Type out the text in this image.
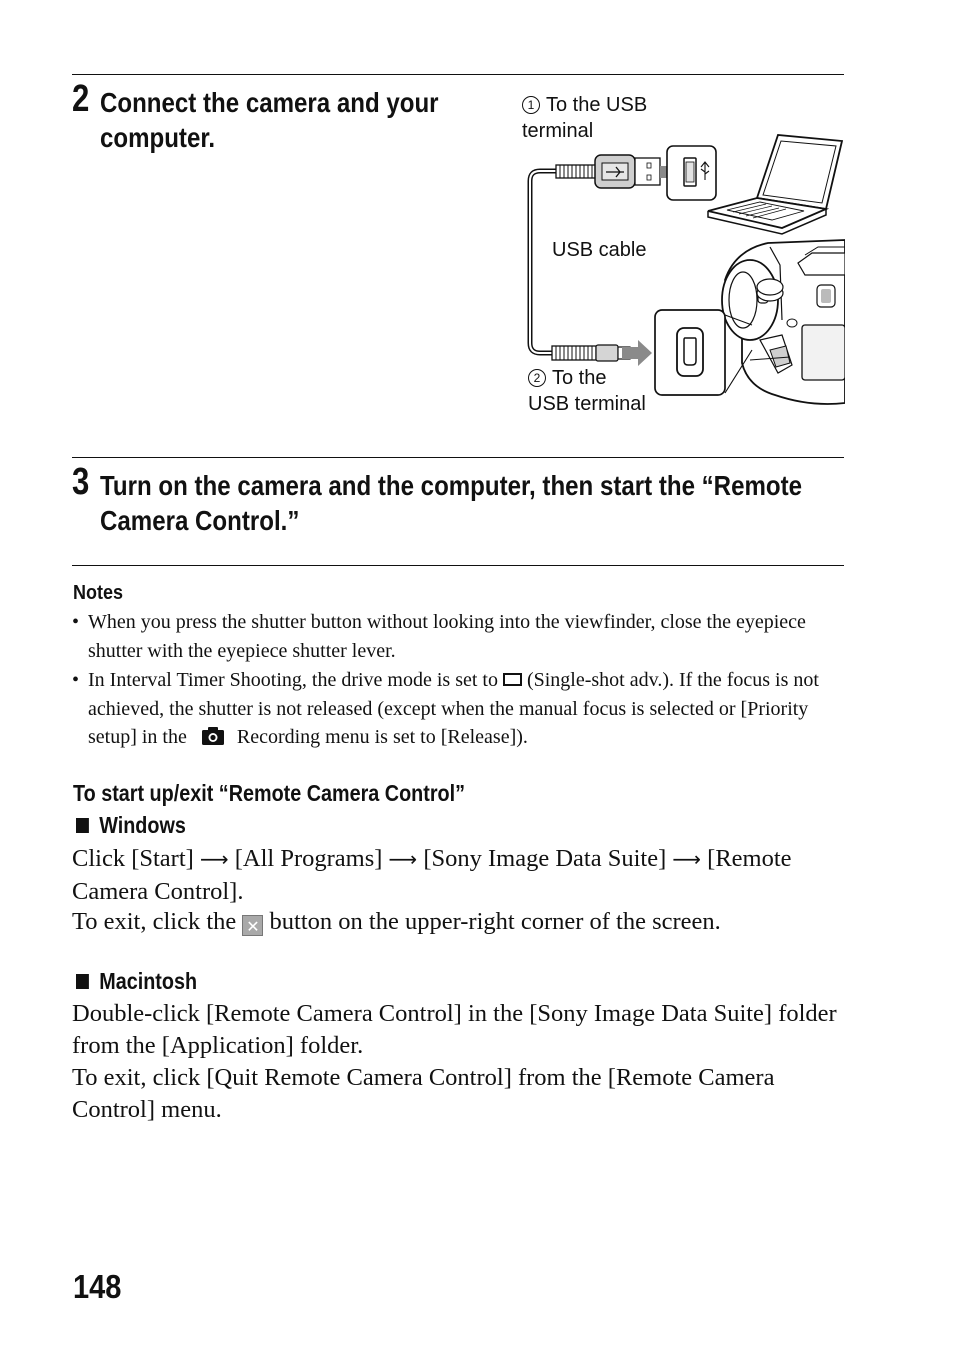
2 Connect the camera and your
computer.
1 To the USB
terminal
USB cable
2 To the
USB terminal
3 Turn on the camera and the computer, then start the “Remote
Camera Control.”
Notes
• When you press the shutter button without looking into the viewfinder, close the eyepiece shutter with the eyepiece shutter lever.
• In Interval Timer Shooting, the drive mode is set to (Single-shot adv.). If the focus is not achieved, the shutter is not released (except when the manual focus is selected or [Priority setup] in the	Recording menu is set to [Release]).
To start up/exit “Remote Camera Control”
Windows
Click [Start] ⟶ [All Programs] ⟶ [Sony Image Data Suite] ⟶ [Remote Camera Control].
To exit, click the ✕ button on the upper-right corner of the screen.
Macintosh
Double-click [Remote Camera Control] in the [Sony Image Data Suite] folder from the [Application] folder.
To exit, click [Quit Remote Camera Control] from the [Remote Camera Control] menu.
148
